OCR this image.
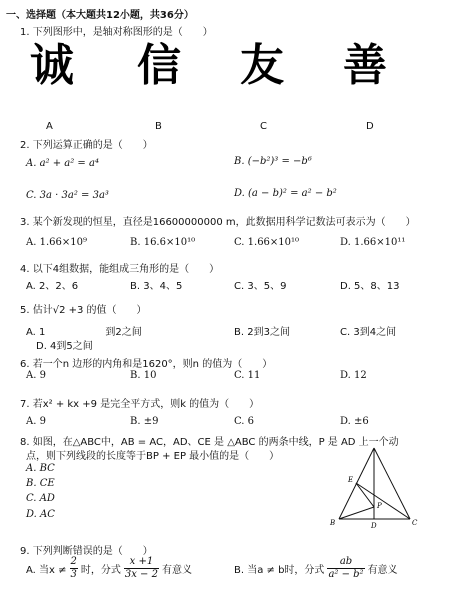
一、选择题（本大题共12小题，共36分）
1. 下列图形中，是轴对称图形的是（　　）
诚 信 友 善
A	B	C	D
2. 下列运算正确的是（　　）
A. a² + a² = a⁴	B. (−b²)³ = −b⁶
C. 3a · 3a² = 3a³	D. (a − b)² = a² − b²
3. 某个新发现的恒星，直径是16600000000 m，此数据用科学记数法可表示为（　　）
A. 1.66×10⁹	B. 16.6×10¹⁰	C. 1.66×10¹⁰	D. 1.66×10¹¹
4. 以下4组数据，能组成三角形的是（　　）
A. 2、2、6	B. 3、4、5	C. 3、5、9	D. 5、8、13
5. 估计√2 +3 的值（　　）
A. 1　　　　　　到2之间	B. 2到3之间	C. 3到4之间
D. 4到5之间
6. 若一个n 边形的内角和是1620°，则n 的值为（　　）
A. 9	B. 10	C. 11	D. 12
7. 若x² + kx +9 是完全平方式，则k 的值为（　　）
A. 9	B. ±9	C. 6	D. ±6
8. 如图，在△ABC中，AB = AC，AD、CE 是 △ABC 的两条中线，P 是 AD 上一个动
点，则下列线段的长度等于BP + EP 最小值的是（　　）
A. BC
B. CE
C. AD
D. AC
E
P
B	D	C
9. 下列判断错误的是（　　）
A. 当$x \ne \frac{2}{3}$ 时，分式 $\frac{x +1}{3x - 2}$ 有意义	B. 当a ≠ b时，分式 $\frac{ab}{\text{a² − b²}}$ 有意义
